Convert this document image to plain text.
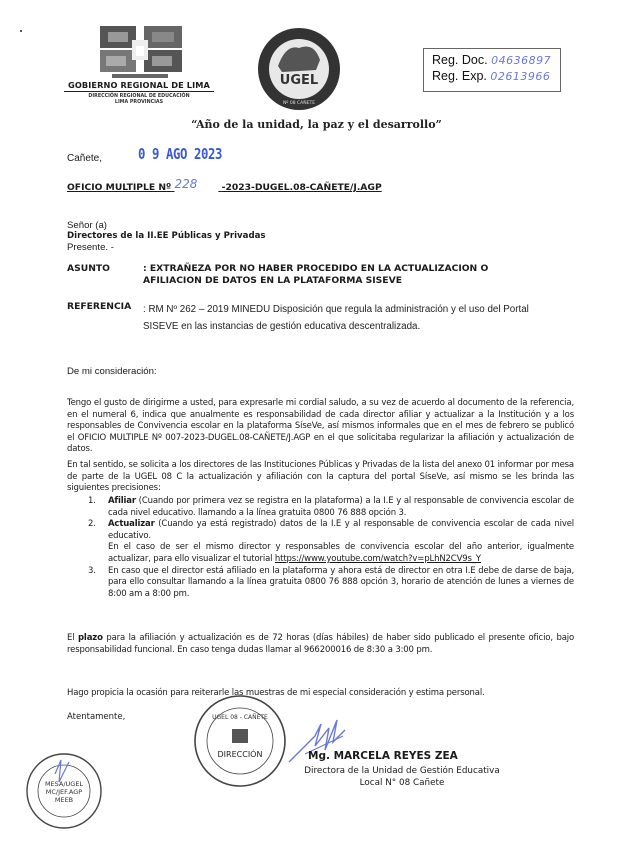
GOBIERNO REGIONAL DE LIMA
DIRECCIÓN REGIONAL DE EDUCACIÓN
LIMA PROVINCIAS
UGEL
Nº 08 CAÑETE
Reg. Doc. 04636897
Reg. Exp. 02613966
“Año de la unidad, la paz y el desarrollo”
Cañete, 0 9 AGO 2023
OFICIO MULTIPLE Nº 228	-2023-DUGEL.08-CAÑETE/J.AGP
Señor (a)
Directores de la II.EE Públicas y Privadas
Presente. -
ASUNTO	: EXTRAÑEZA POR NO HABER PROCEDIDO EN LA ACTUALIZACION O AFILIACION DE DATOS EN LA PLATAFORMA SISEVE
REFERENCIA : RM Nº 262 – 2019 MINEDU Disposición que regula la administración y el uso del Portal SISEVE en las instancias de gestión educativa descentralizada.
De mi consideración:
Tengo el gusto de dirigirme a usted, para expresarle mi cordial saludo, a su vez de acuerdo al documento de la referencia, en el numeral 6, indica que anualmente es responsabilidad de cada director afiliar y actualizar a la Institución y a los responsables de Convivencia escolar en la plataforma SíseVe, así mismos informales que en el mes de febrero se publicó el OFICIO MULTIPLE Nº 007-2023-DUGEL.08-CAÑETE/J.AGP en el que solicitaba regularizar la afiliación y actualización de datos.
En tal sentido, se solicita a los directores de las Instituciones Públicas y Privadas de la lista del anexo 01 informar por mesa de parte de la UGEL 08 C la actualización y afiliación con la captura del portal SíseVe, así mismo se les brinda las siguientes precisiones:
1. Afiliar (Cuando por primera vez se registra en la plataforma) a la I.E y al responsable de convivencia escolar de cada nivel educativo. llamando a la línea gratuita 0800 76 888 opción 3.
2. Actualizar (Cuando ya está registrado) datos de la I.E y al responsable de convivencia escolar de cada nivel educativo.
En el caso de ser el mismo director y responsables de convivencia escolar del año anterior, igualmente actualizar, para ello visualizar el tutorial https://www.youtube.com/watch?v=pLhN2CV9s_Y
3. En caso que el director está afiliado en la plataforma y ahora está de director en otra I.E debe de darse de baja, para ello consultar llamando a la línea gratuita 0800 76 888 opción 3, horario de atención de lunes a viernes de 8:00 am a 8:00 pm.
El plazo para la afiliación y actualización es de 72 horas (días hábiles) de haber sido publicado el presente oficio, bajo responsabilidad funcional. En caso tenga dudas llamar al 966200016 de 8:30 a 3:00 pm.
Hago propicia la ocasión para reiterarle las muestras de mi especial consideración y estima personal.
Atentamente,	UGEL 08 - CAÑETE
DIRECCIÓN	Mg. MARCELA REYES ZEA
Directora de la Unidad de Gestión Educativa
Local N° 08 Cañete
MESA/UGEL
MC/JEF.AGP
MEEB
